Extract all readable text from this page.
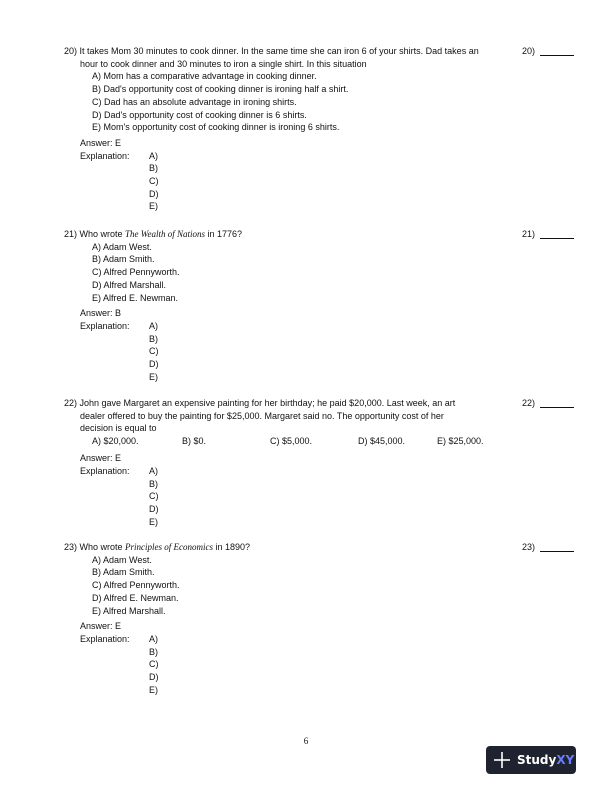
20) It takes Mom 30 minutes to cook dinner. In the same time she can iron 6 of your shirts. Dad takes an
hour to cook dinner and 30 minutes to iron a single shirt. In this situation
20)
A) Mom has a comparative advantage in cooking dinner.
B) Dad's opportunity cost of cooking dinner is ironing half a shirt.
C) Dad has an absolute advantage in ironing shirts.
D) Dad's opportunity cost of cooking dinner is 6 shirts.
E) Mom's opportunity cost of cooking dinner is ironing 6 shirts.
Answer: E
Explanation: A)
B)
C)
D)
E)
21) Who wrote The Wealth of Nations in 1776?	21)
A) Adam West.
B) Adam Smith.
C) Alfred Pennyworth.
D) Alfred Marshall.
E) Alfred E. Newman.
Answer: B
Explanation: A)
B)
C)
D)
E)
22) John gave Margaret an expensive painting for her birthday; he paid $20,000. Last week, an art
dealer offered to buy the painting for $25,000. Margaret said no. The opportunity cost of her
decision is equal to
22)
A) $20,000.	B) $0.	C) $5,000.	D) $45,000.	E) $25,000.
Answer: E
Explanation: A)
B)
C)
D)
E)
23) Who wrote Principles of Economics in 1890?	23)
A) Adam West.
B) Adam Smith.
C) Alfred Pennyworth.
D) Alfred E. Newman.
E) Alfred Marshall.
Answer: E
Explanation: A)
B)
C)
D)
E)
6
Study XY
